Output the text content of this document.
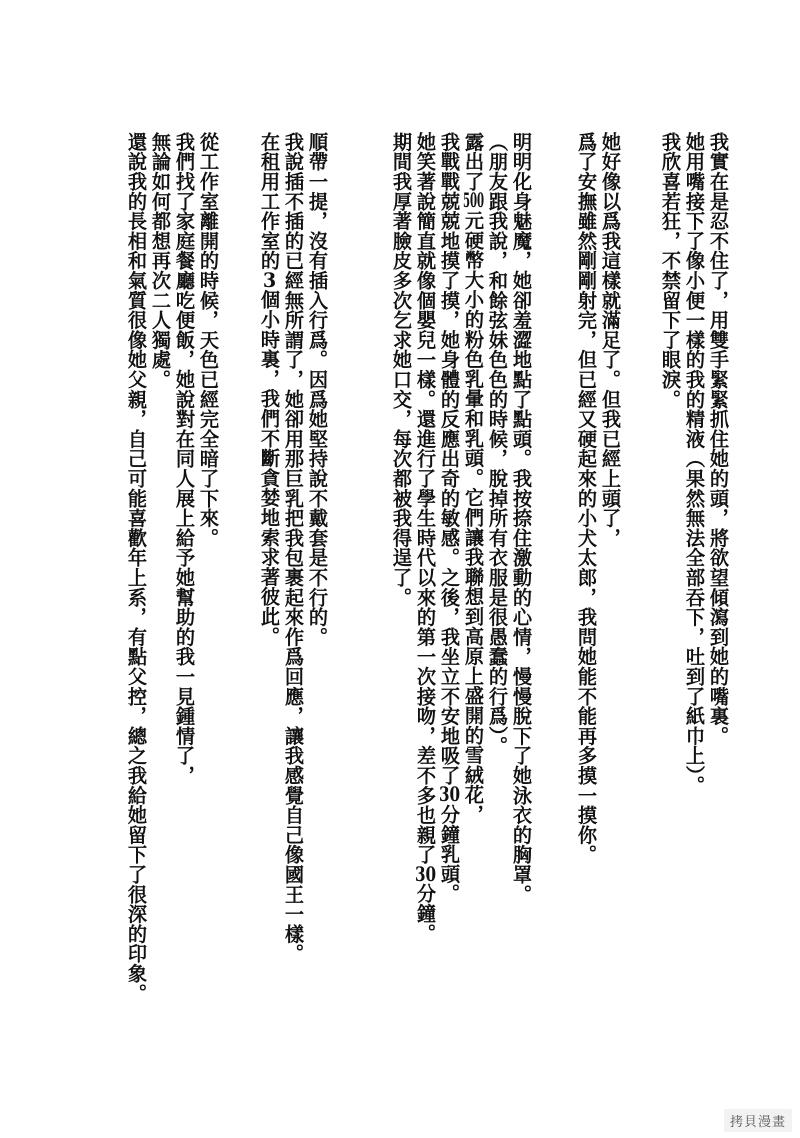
我實在是忍不住了，用雙手緊緊抓住她的頭，將欲望傾瀉到她的嘴裏。
她用嘴接下了像小便一樣的我的精液（果然無法全部吞下，吐到了紙巾上）。
我欣喜若狂，不禁留下了眼淚。
她好像以爲我這樣就滿足了。但我已經上頭了，
爲了安撫雖然剛剛射完，但已經又硬起來的小犬太郎，我問她能不能再多摸一摸你。
明明化身魅魔，她卻羞澀地點了點頭。我按捺住激動的心情，慢慢脫下了她泳衣的胸罩。
（朋友跟我說，和餘弦妹色色的時候，脫掉所有衣服是很愚蠢的行爲）。
露出了500元硬幣大小的粉色乳暈和乳頭。它們讓我聯想到高原上盛開的雪絨花，
我戰戰兢兢地摸了摸，她身體的反應出奇的敏感。之後，我坐立不安地吸了30分鐘乳頭。
她笑著說簡直就像個嬰兒一樣。還進行了學生時代以來的第一次接吻，差不多也親了30分鐘。
期間我厚著臉皮多次乞求她口交，每次都被我得逞了。
順帶一提，沒有插入行爲。因爲她堅持說不戴套是不行的。
我說插不插的已經無所謂了，她卻用那巨乳把我包裹起來作爲回應，讓我感覺自己像國王一樣。
在租用工作室的3個小時裏，我們不斷貪婪地索求著彼此。
從工作室離開的時候，天色已經完全暗了下來。
我們找了家庭餐廳吃便飯，她說對在同人展上給予她幫助的我一見鍾情了，
無論如何都想再次二人獨處。
還說我的長相和氣質很像她父親，自己可能喜歡年上系，有點父控，總之我給她留下了很深的印象。
拷貝漫畫
